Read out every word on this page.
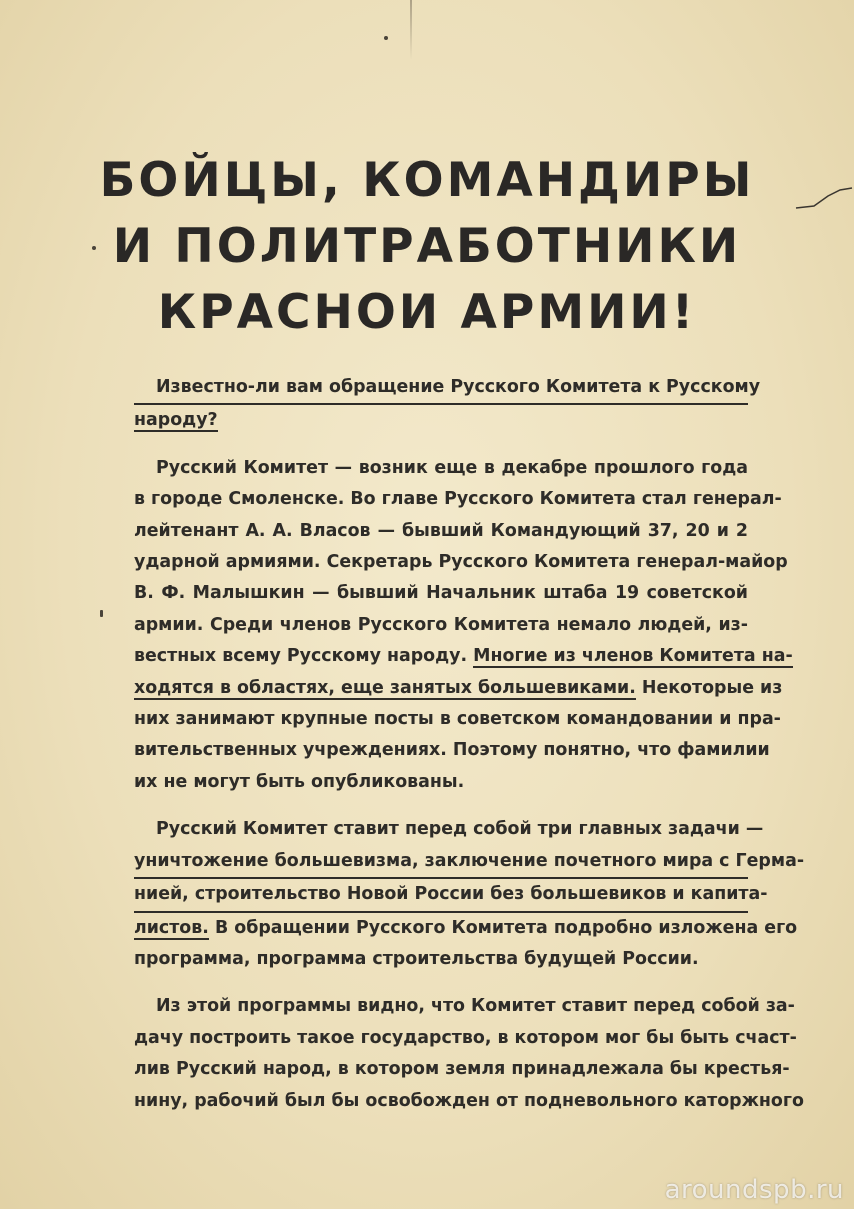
БОЙЦЫ, КОМАНДИРЫ
И ПОЛИТРАБОТНИКИ
КРАСНОИ АРМИИ!
Известно-ли вам обращение Русского Комитета к Русскому
народу?
Русский Комитет — возник еще в декабре прошлого года
в городе Смоленске. Во главе Русского Комитета стал генерал-
лейтенант А. А. Власов — бывший Командующий 37, 20 и 2
ударной армиями. Секретарь Русского Комитета генерал-майор
В. Ф. Малышкин — бывший Начальник штаба 19 советской
армии. Среди членов Русского Комитета немало людей, из-
вестных всему Русскому народу. Многие из членов Комитета на-
ходятся в областях, еще занятых большевиками. Некоторые из
них занимают крупные посты в советском командовании и пра-
вительственных учреждениях. Поэтому понятно, что фамилии
их не могут быть опубликованы.
Русский Комитет ставит перед собой три главных задачи —
уничтожение большевизма, заключение почетного мира с Герма-
нией, строительство Новой России без большевиков и капита-
листов. В обращении Русского Комитета подробно изложена его
программа, программа строительства будущей России.
Из этой программы видно, что Комитет ставит перед собой за-
дачу построить такое государство, в котором мог бы быть счаст-
лив Русский народ, в котором земля принадлежала бы крестья-
нину, рабочий был бы освобожден от подневольного каторжного
aroundspb.ru
